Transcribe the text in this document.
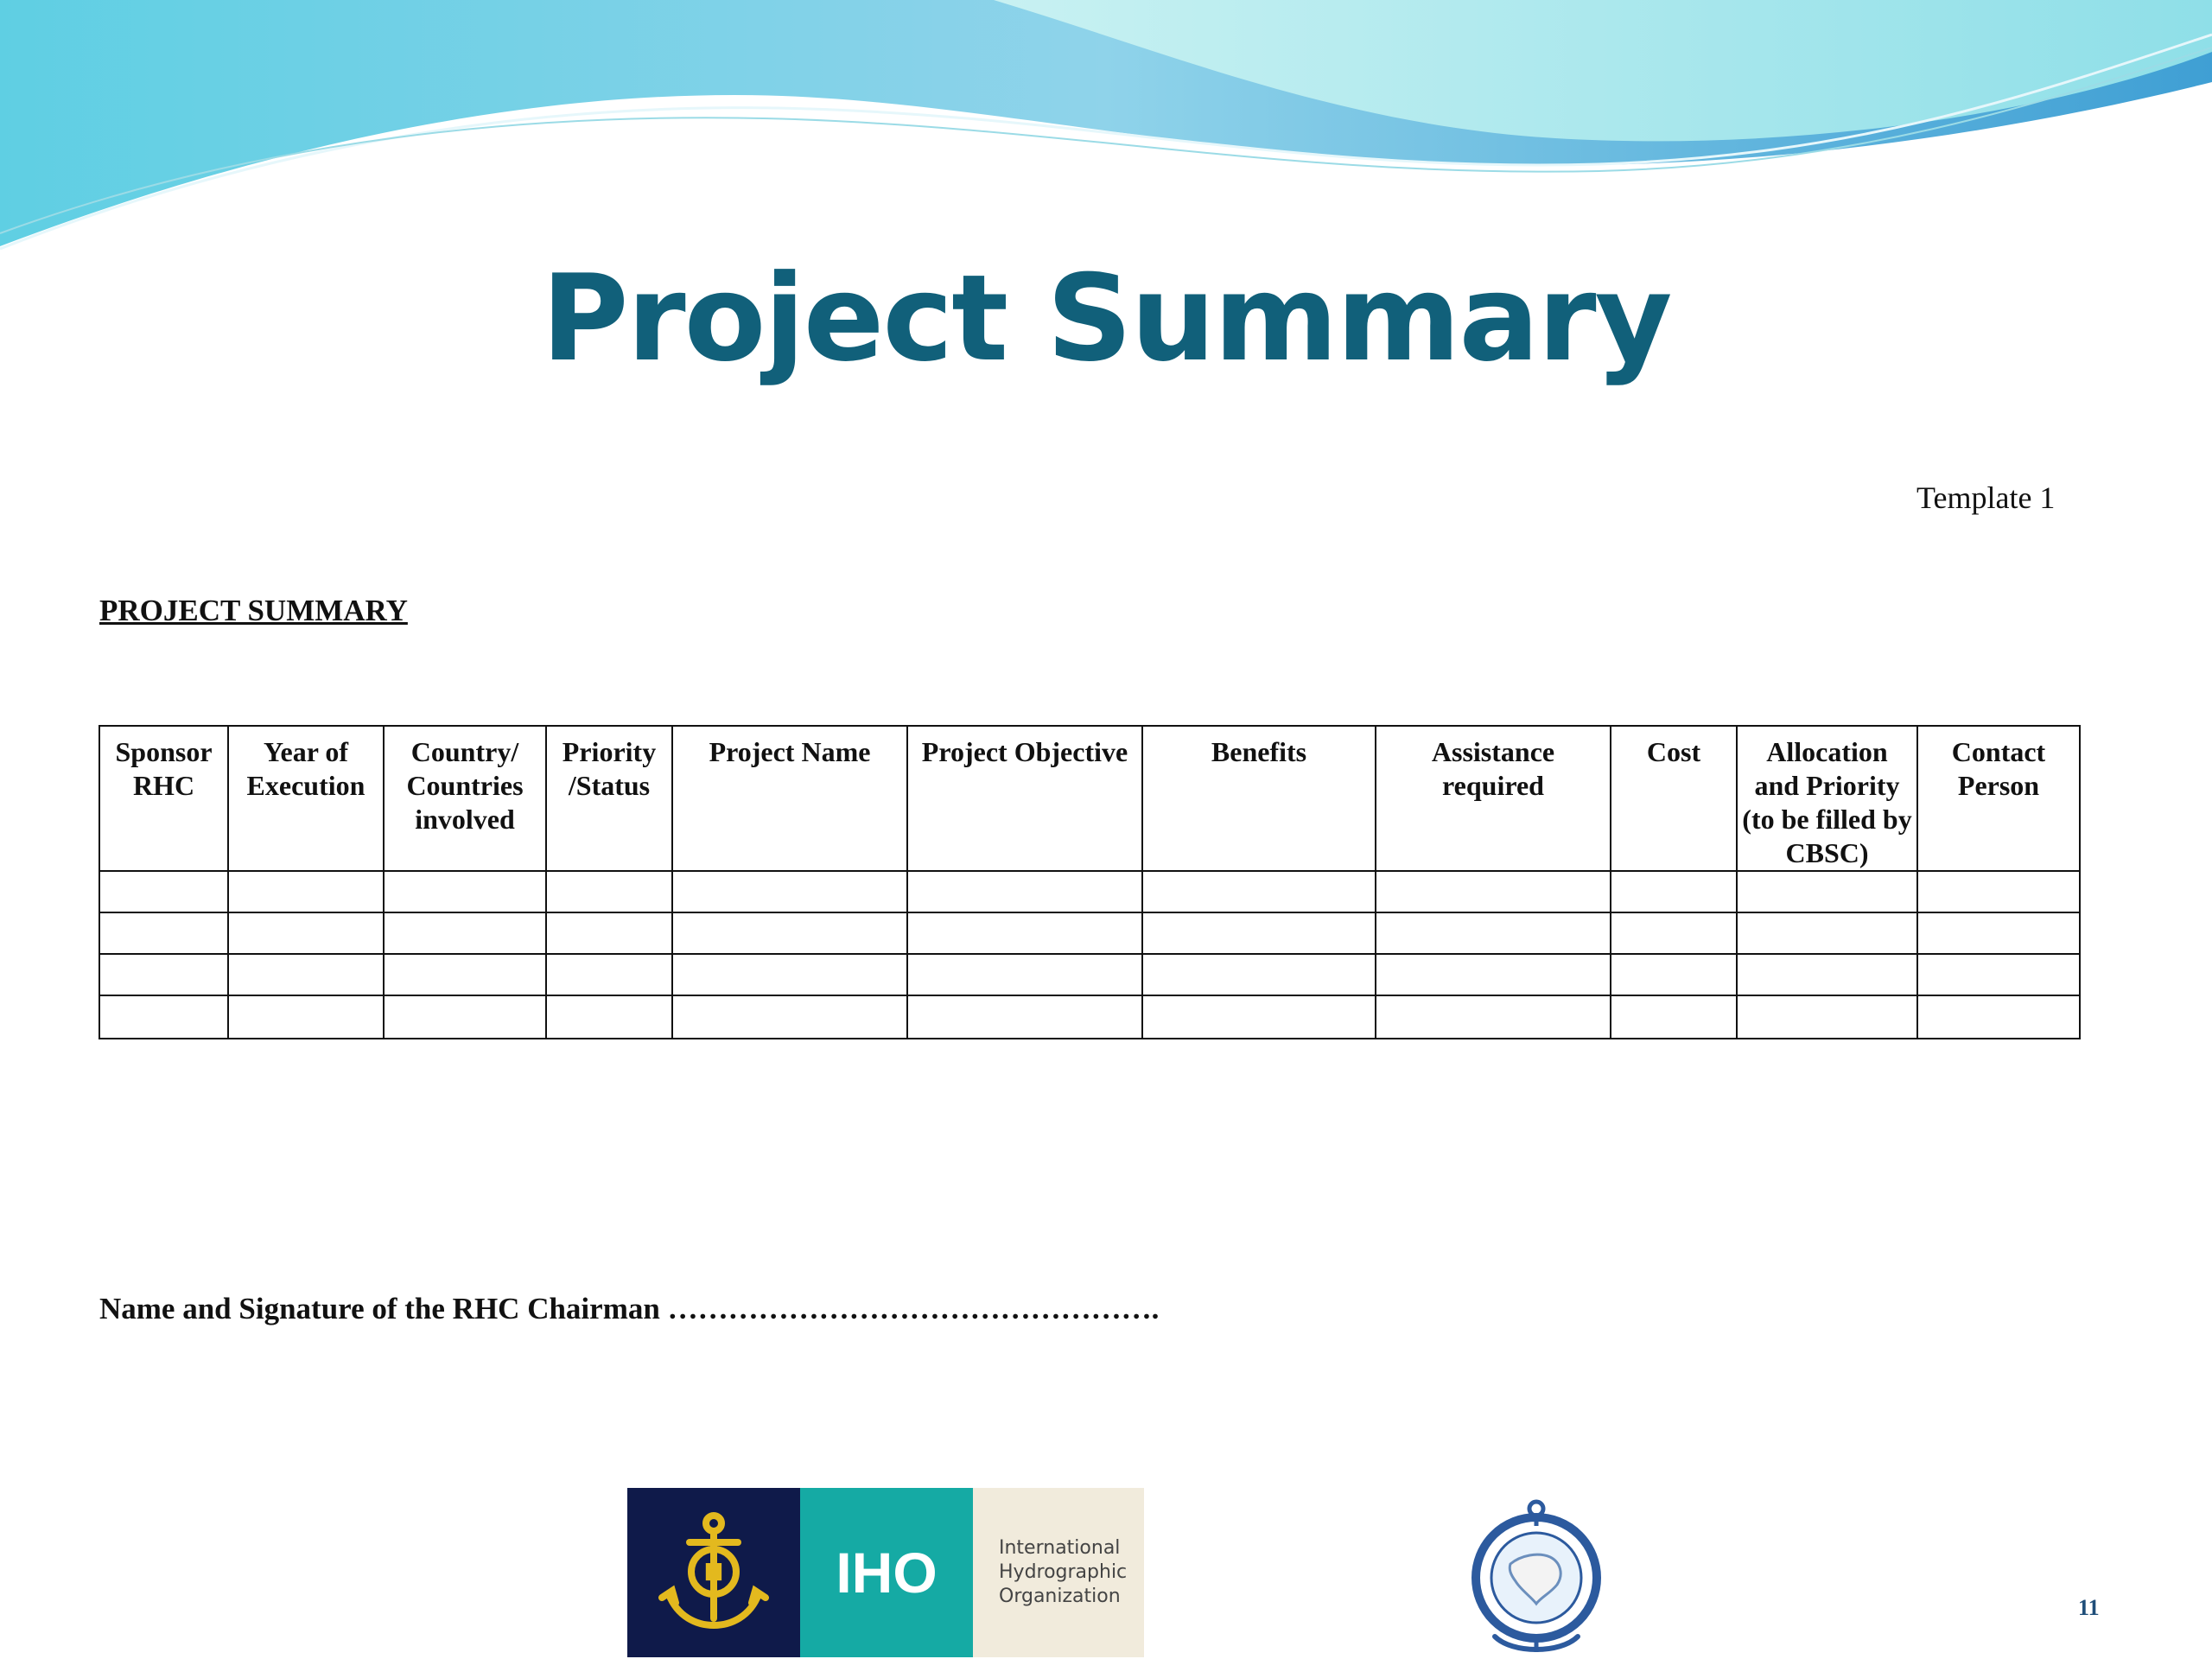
Project Summary
Template 1
PROJECT SUMMARY
Sponsor RHC	Year of Execution	Country/ Countries involved	Priority /Status	Project Name	Project Objective	Benefits	Assistance required	Cost	Allocation and Priority (to be filled by CBSC)	Contact Person

Name and Signature of the RHC Chairman ………………………………………….
H	IHO	International
Hydrographic
Organization	11
